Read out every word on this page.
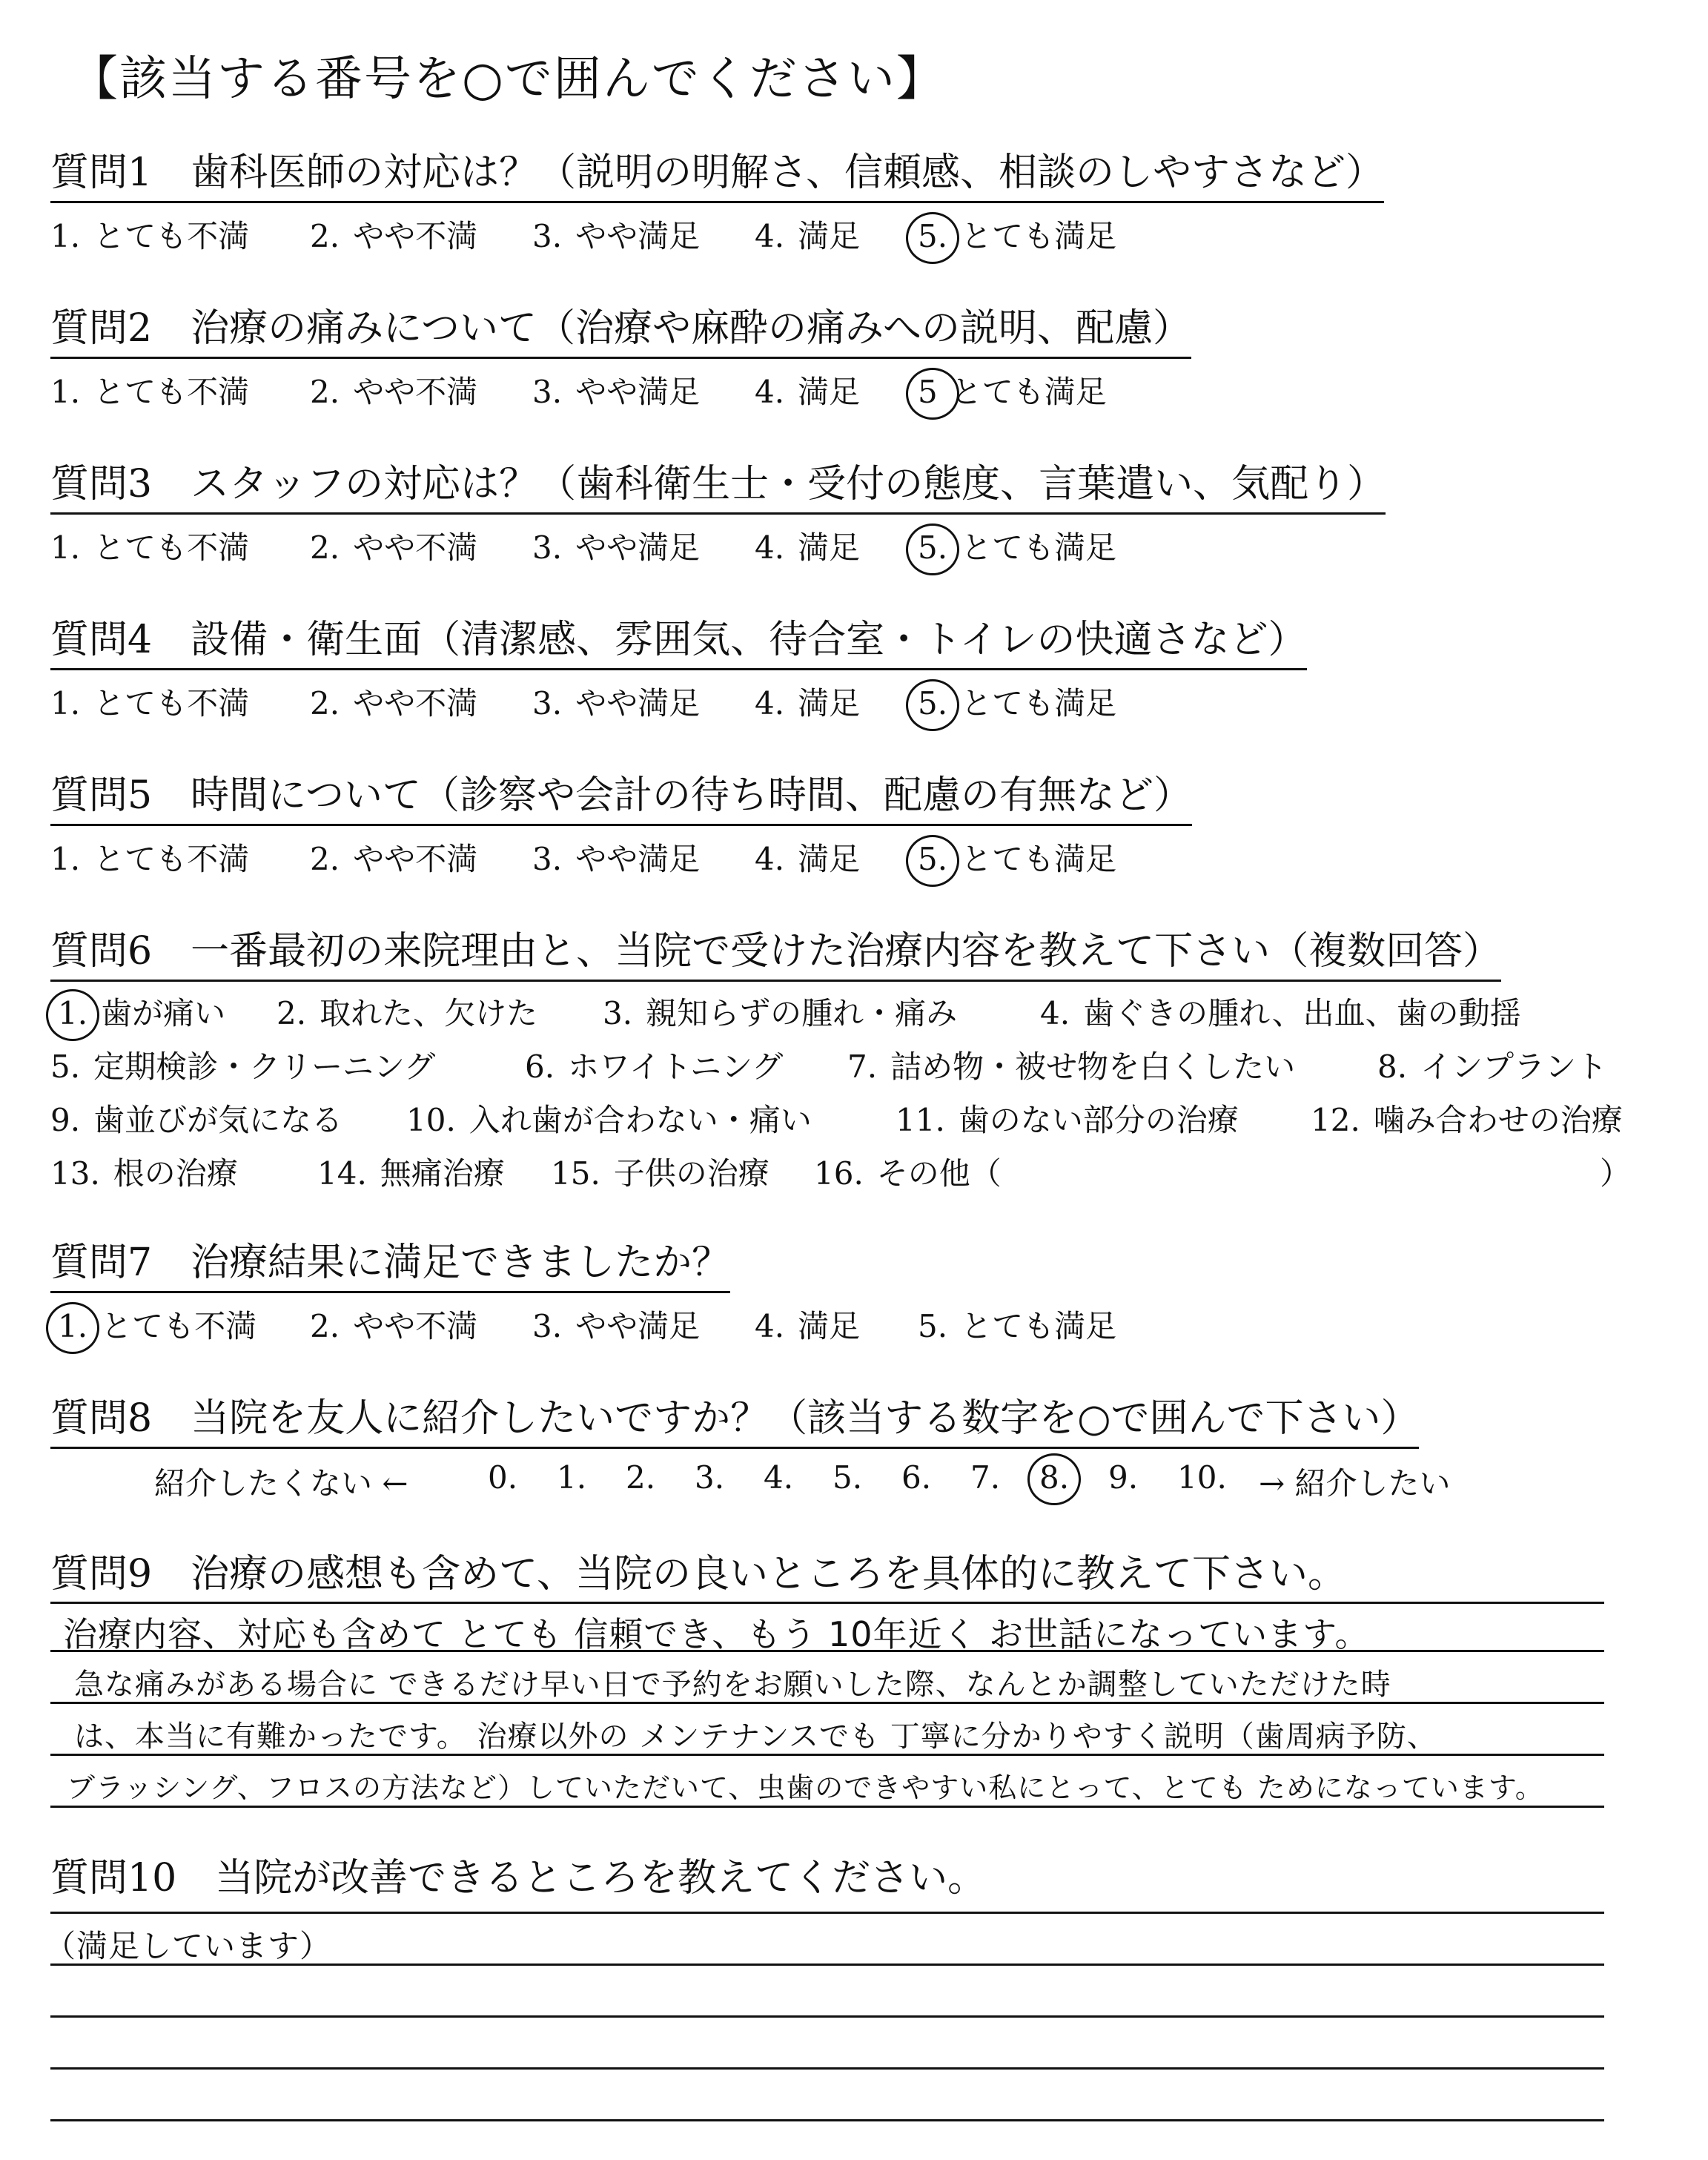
【該当する番号を○で囲んでください】
質問1　歯科医師の対応は？（説明の明解さ、信頼感、相談のしやすさなど）
1. とても不満 2. やや不満 3. やや満足 4. 満足 5. とても満足
質問2　治療の痛みについて（治療や麻酔の痛みへの説明、配慮）
1. とても不満 2. やや不満 3. やや満足 4. 満足 5 とても満足
質問3　スタッフの対応は？（歯科衛生士・受付の態度、言葉遣い、気配り）
1. とても不満 2. やや不満 3. やや満足 4. 満足 5. とても満足
質問4　設備・衛生面（清潔感、雰囲気、待合室・トイレの快適さなど）
1. とても不満 2. やや不満 3. やや満足 4. 満足 5. とても満足
質問5　時間について（診察や会計の待ち時間、配慮の有無など）
1. とても不満 2. やや不満 3. やや満足 4. 満足 5. とても満足
質問6　一番最初の来院理由と、当院で受けた治療内容を教えて下さい（複数回答）
1. 歯が痛い 2. 取れた、欠けた 3. 親知らずの腫れ・痛み	4. 歯ぐきの腫れ、出血、歯の動揺
5. 定期検診・クリーニング	6. ホワイトニング 7. 詰め物・被せ物を白くしたい	8. インプラント
9. 歯並びが気になる 10. 入れ歯が合わない・痛い	11. 歯のない部分の治療 12. 噛み合わせの治療
13. 根の治療	14. 無痛治療 15. 子供の治療 16. その他（	）
質問7　治療結果に満足できましたか？
1. とても不満 2. やや不満 3. やや満足 4. 満足 5. とても満足
質問8　当院を友人に紹介したいですか？（該当する数字を○で囲んで下さい）
紹介したくない ←	0. 1. 2. 3. 4. 5. 6. 7. 8. 9. 10. → 紹介したい
質問9　治療の感想も含めて、当院の良いところを具体的に教えて下さい。
治療内容、対応も含めて とても 信頼でき、もう 10年近く お世話になっています。
急な痛みがある場合に できるだけ早い日で予約をお願いした際、なんとか調整していただけた時
は、本当に有難かったです。 治療以外の メンテナンスでも 丁寧に分かりやすく説明（歯周病予防、
ブラッシング、フロスの方法など）していただいて、虫歯のできやすい私にとって、とても ためになっています。
質問10　当院が改善できるところを教えてください。
（満足しています）
